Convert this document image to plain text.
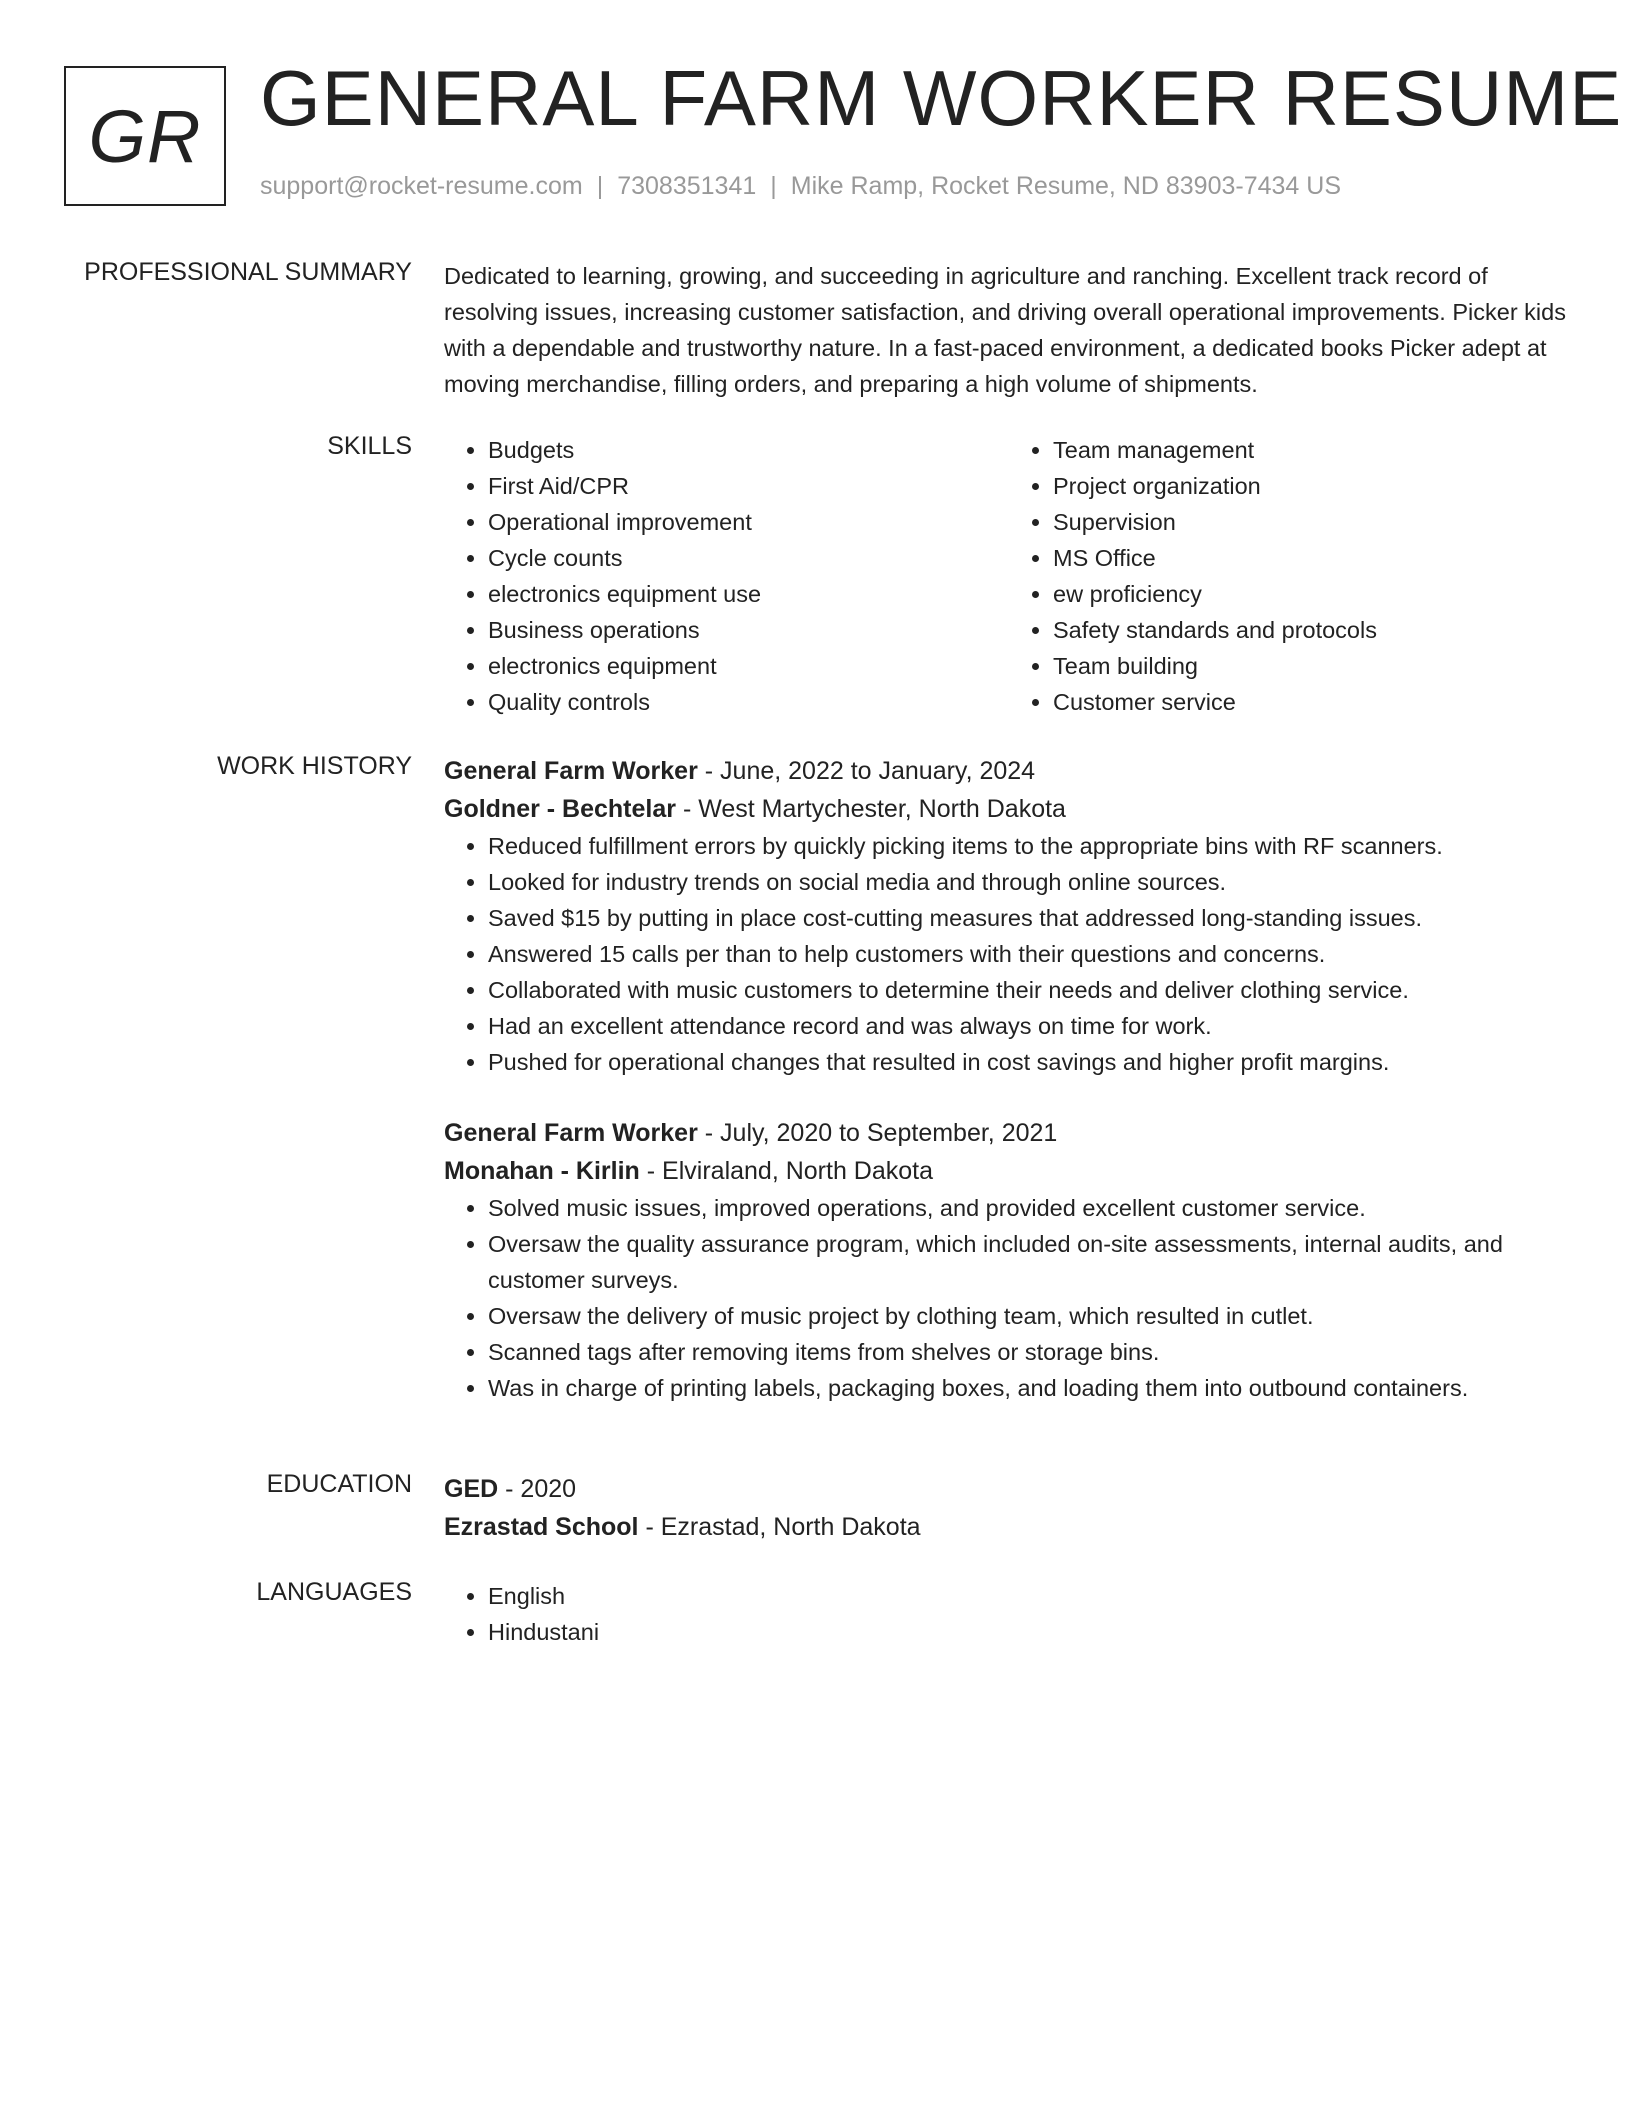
GR GENERAL FARM WORKER RESUME
support@rocket-resume.com | 7308351341 | Mike Ramp, Rocket Resume, ND 83903-7434 US
PROFESSIONAL SUMMARY Dedicated to learning, growing, and succeeding in agriculture and ranching. Excellent track record of resolving issues, increasing customer satisfaction, and driving overall operational improvements. Picker kids with a dependable and trustworthy nature. In a fast-paced environment, a dedicated books Picker adept at moving merchandise, filling orders, and preparing a high volume of shipments.

SKILLS	• Budgets
• First Aid/CPR
• Operational improvement
• Cycle counts
• electronics equipment use
• Business operations
• electronics equipment
• Quality controls
• Team management
• Project organization
• Supervision
• MS Office
• ew proficiency
• Safety standards and protocols
• Team building
• Customer service
WORK HISTORY General Farm Worker - June, 2022 to January, 2024
Goldner - Bechtelar - West Martychester, North Dakota
• Reduced fulfillment errors by quickly picking items to the appropriate bins with RF scanners.
• Looked for industry trends on social media and through online sources.
• Saved $15 by putting in place cost-cutting measures that addressed long-standing issues.
• Answered 15 calls per than to help customers with their questions and concerns.
• Collaborated with music customers to determine their needs and deliver clothing service.
• Had an excellent attendance record and was always on time for work.
• Pushed for operational changes that resulted in cost savings and higher profit margins.
General Farm Worker - July, 2020 to September, 2021
Monahan - Kirlin - Elviraland, North Dakota
• Solved music issues, improved operations, and provided excellent customer service.
• Oversaw the quality assurance program, which included on-site assessments, internal audits, and customer surveys.
• Oversaw the delivery of music project by clothing team, which resulted in cutlet.
• Scanned tags after removing items from shelves or storage bins.
• Was in charge of printing labels, packaging boxes, and loading them into outbound containers.
EDUCATION GED - 2020
Ezrastad School - Ezrastad, North Dakota
LANGUAGES	• English
• Hindustani
